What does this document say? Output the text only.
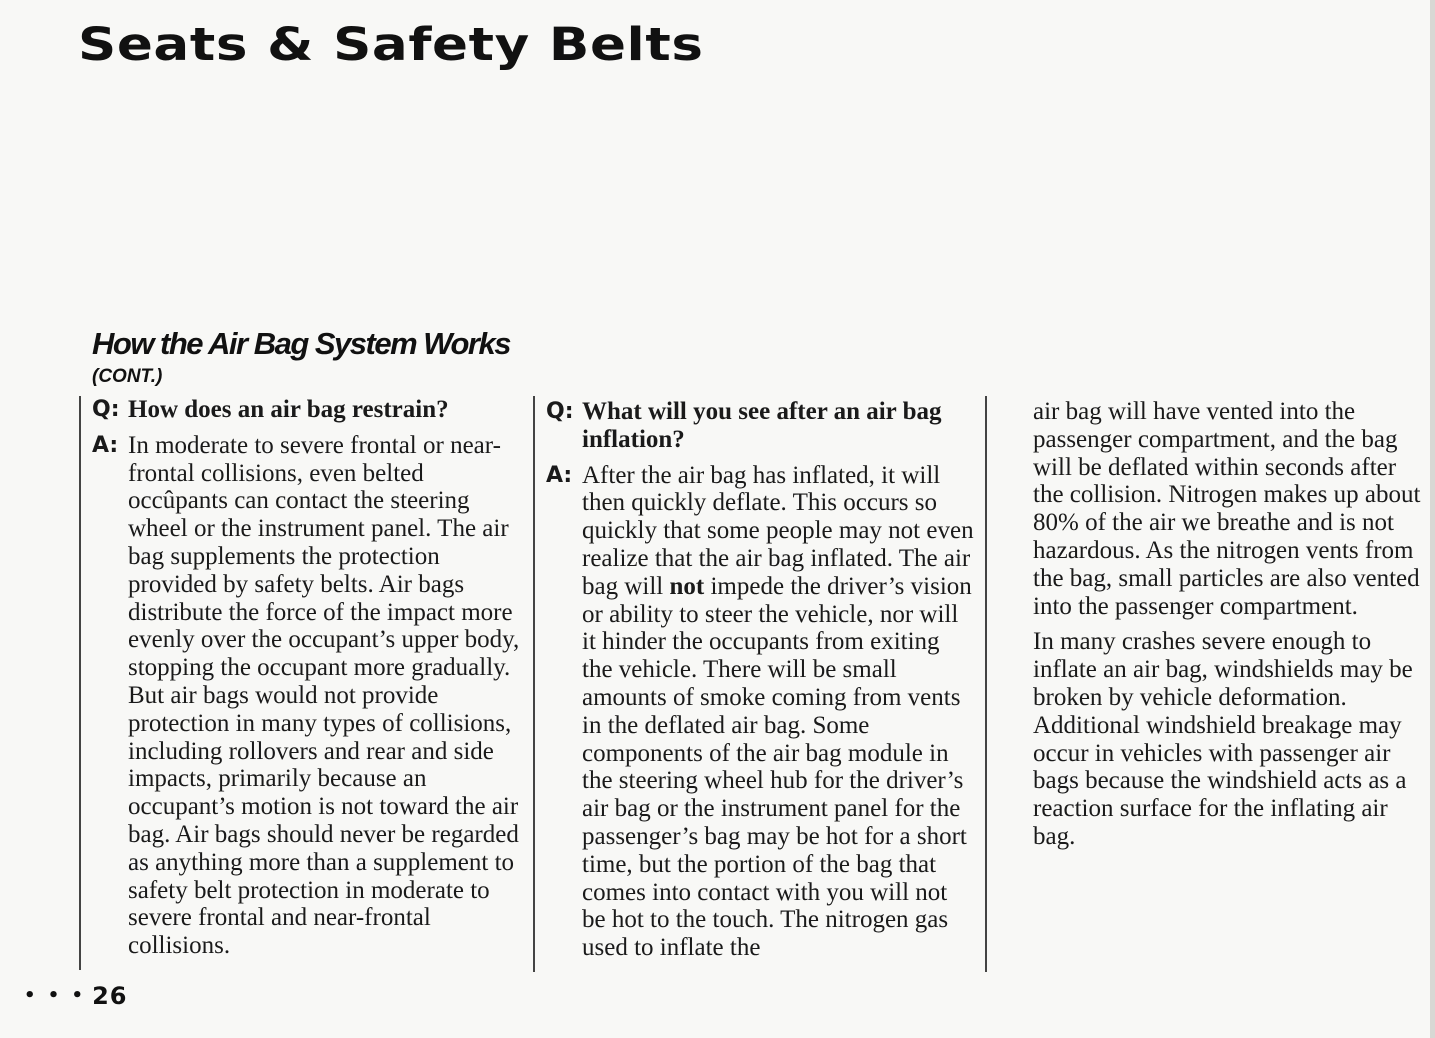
Seats & Safety Belts
How the Air Bag System Works
(CONT.)
Q: How does an air bag restrain?
A: In moderate to severe frontal or near-frontal collisions, even belted occûpants can contact the steering wheel or the instrument panel. The air bag supplements the protection provided by safety belts. Air bags distribute the force of the impact more evenly over the occupant’s upper body, stopping the occupant more gradually. But air bags would not provide protection in many types of collisions, including rollovers and rear and side impacts, primarily because an occupant’s motion is not toward the air bag. Air bags should never be regarded as anything more than a supplement to safety belt protection in moderate to severe frontal and near-frontal collisions.
Q: What will you see after an air bag inflation?
A: After the air bag has inflated, it will then quickly deflate. This occurs so quickly that some people may not even realize that the air bag inflated. The air bag will not impede the driver’s vision or ability to steer the vehicle, nor will it hinder the occupants from exiting the vehicle. There will be small amounts of smoke coming from vents in the deflated air bag. Some components of the air bag module in the steering wheel hub for the driver’s air bag or the instrument panel for the passenger’s bag may be hot for a short time, but the portion of the bag that comes into contact with you will not be hot to the touch. The nitrogen gas used to inflate the

air bag will have vented into the passenger compartment, and the bag will be deflated within seconds after the collision. Nitrogen makes up about 80% of the air we breathe and is not hazardous. As the nitrogen vents from the bag, small particles are also vented into the passenger compartment.

In many crashes severe enough to inflate an air bag, windshields may be broken by vehicle deformation. Additional windshield breakage may occur in vehicles with passenger air bags because the windshield acts as a reaction surface for the inflating air bag.

• • • 26
